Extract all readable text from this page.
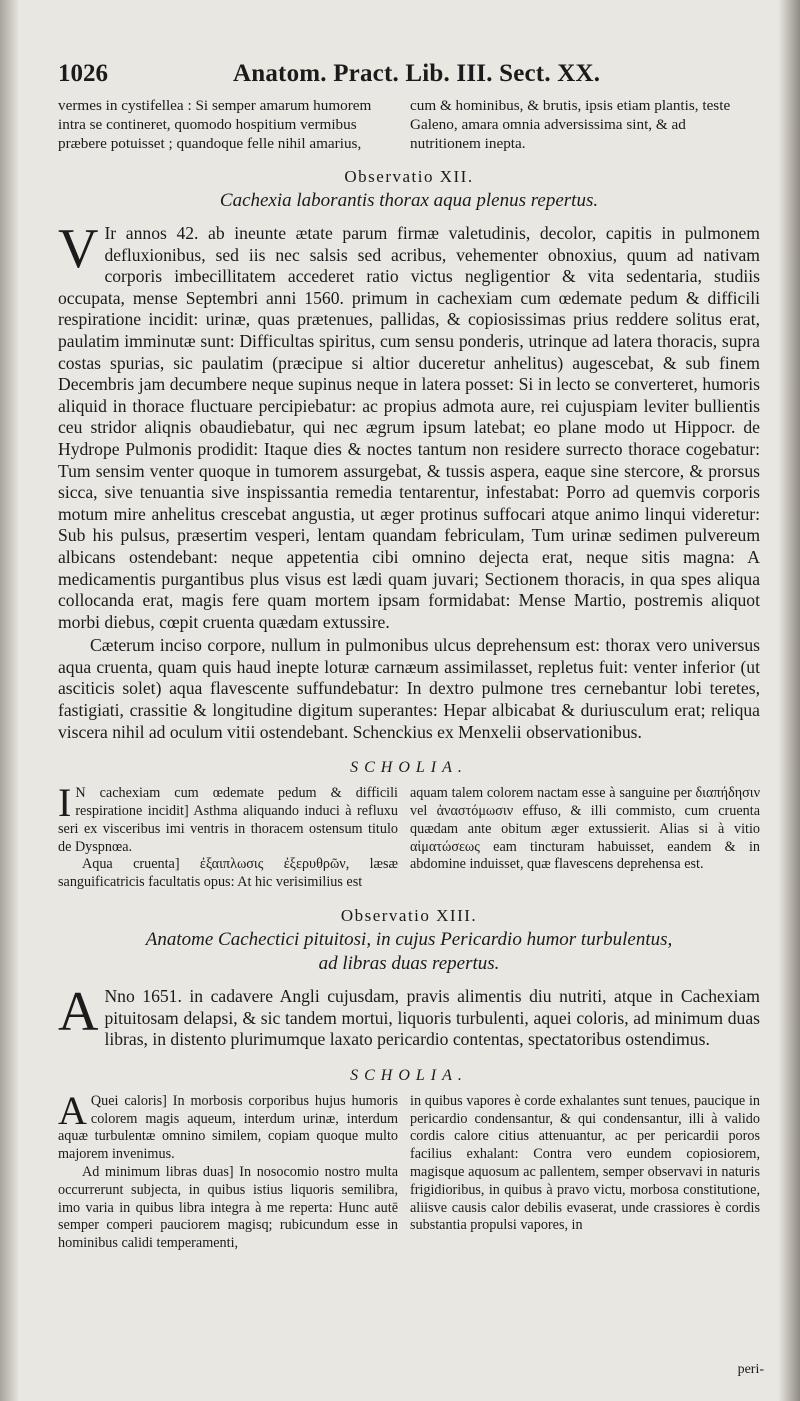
1026	Anatom. Pract. Lib. III. Sect. XX.

vermes in cystifellea : Si semper amarum humorem intra se contineret, quomodo hospitium vermibus præbere potuisset ; quandoque felle nihil amarius,

cum & hominibus, & brutis, ipsis etiam plantis, teste Galeno, amara omnia adversissima sint, & ad nutritionem inepta.

Observatio XII.
Cachexia laborantis thorax aqua plenus repertus.

V Ir annos 42. ab ineunte ætate parum firmæ valetudinis, decolor, capitis in pulmonem defluxionibus, sed iis nec salsis sed acribus, vehementer obnoxius, quum ad nativam corporis imbecillitatem accederet ratio victus negligentior & vita sedentaria, studiis occupata, mense Septembri anni 1560. primum in cachexiam cum œdemate pedum & difficili respiratione incidit: urinæ, quas prætenues, pallidas, & copiosissimas prius reddere solitus erat, paulatim imminutæ sunt: Difficultas spiritus, cum sensu ponderis, utrinque ad latera thoracis, supra costas spurias, sic paulatim (præcipue si altior duceretur anhelitus) augescebat, & sub finem Decembris jam decumbere neque supinus neque in latera posset: Si in lecto se converteret, humoris aliquid in thorace fluctuare percipiebatur: ac propius admota aure, rei cujuspiam leviter bullientis ceu stridor aliqnis obaudiebatur, qui nec ægrum ipsum latebat; eo plane modo ut Hippocr. de Hydrope Pulmonis prodidit: Itaque dies & noctes tantum non residere surrecto thorace cogebatur: Tum sensim venter quoque in tumorem assurgebat, & tussis aspera, eaque sine stercore, & prorsus sicca, sive tenuantia sive inspissantia remedia tentarentur, infestabat: Porro ad quemvis corporis motum mire anhelitus crescebat angustia, ut æger protinus suffocari atque animo linqui videretur: Sub his pulsus, præsertim vesperi, lentam quandam febriculam, Tum urinæ sedimen pulvereum albicans ostendebant: neque appetentia cibi omnino dejecta erat, neque sitis magna: A medicamentis purgantibus plus visus est lædi quam juvari; Sectionem thoracis, in qua spes aliqua collocanda erat, magis fere quam mortem ipsam formidabat: Mense Martio, postremis aliquot morbi diebus, cœpit cruenta quædam extussire.

Cæterum inciso corpore, nullum in pulmonibus ulcus deprehensum est: thorax vero universus aqua cruenta, quam quis haud inepte loturæ carnæum assimilasset, repletus fuit: venter inferior (ut asciticis solet) aqua flavescente suffundebatur: In dextro pulmone tres cernebantur lobi teretes, fastigiati, crassitie & longitudine digitum superantes: Hepar albicabat & duriusculum erat; reliqua viscera nihil ad oculum vitii ostendebant. Schenckius ex Menxelii observationibus.

SCHOLIA.

I N cachexiam cum œdemate pedum & difficili respiratione incidit] Asthma aliquando induci à refluxu seri ex visceribus imi ventris in thoracem ostensum titulo de Dyspnœa.

Aqua cruenta] ἐξαιπλωσις ἐξερυθρῶν, læsæ sanguificatricis facultatis opus: At hic verisimilius est

aquam talem colorem nactam esse à sanguine per διαπήδησιν vel ἀναστόμωσιν effuso, & illi commisto, cum cruenta quædam ante obitum æger extussierit. Alias si à vitio αἱματώσεως eam tincturam habuisset, eandem & in abdomine induisset, quæ flavescens deprehensa est.

Observatio XIII.
Anatome Cachectici pituitosi, in cujus Pericardio humor turbulentus,
ad libras duas repertus.

A Nno 1651. in cadavere Angli cujusdam, pravis alimentis diu nutriti, atque in Cachexiam pituitosam delapsi, & sic tandem mortui, liquoris turbulenti, aquei coloris, ad minimum duas libras, in distento plurimumque laxato pericardio contentas, spectatoribus ostendimus.

SCHOLIA.

A Quei caloris] In morbosis corporibus hujus humoris colorem magis aqueum, interdum urinæ, interdum aquæ turbulentæ omnino similem, copiam quoque multo majorem invenimus.

Ad minimum libras duas] In nosocomio nostro multa occurrerunt subjecta, in quibus istius liquoris semilibra, imo varia in quibus libra integra à me reperta: Hunc autē semper comperi pauciorem magisq; rubicundum esse in hominibus calidi temperamenti,

in quibus vapores è corde exhalantes sunt tenues, paucique in pericardio condensantur, & qui condensantur, illi à valido cordis calore citius attenuantur, ac per pericardii poros facilius exhalant: Contra vero eundem copiosiorem, magisque aquosum ac pallentem, semper observavi in naturis frigidioribus, in quibus à pravo victu, morbosa constitutione, aliisve causis calor debilis evaserat, unde crassiores è cordis substantia propulsi vapores, in

peri-
